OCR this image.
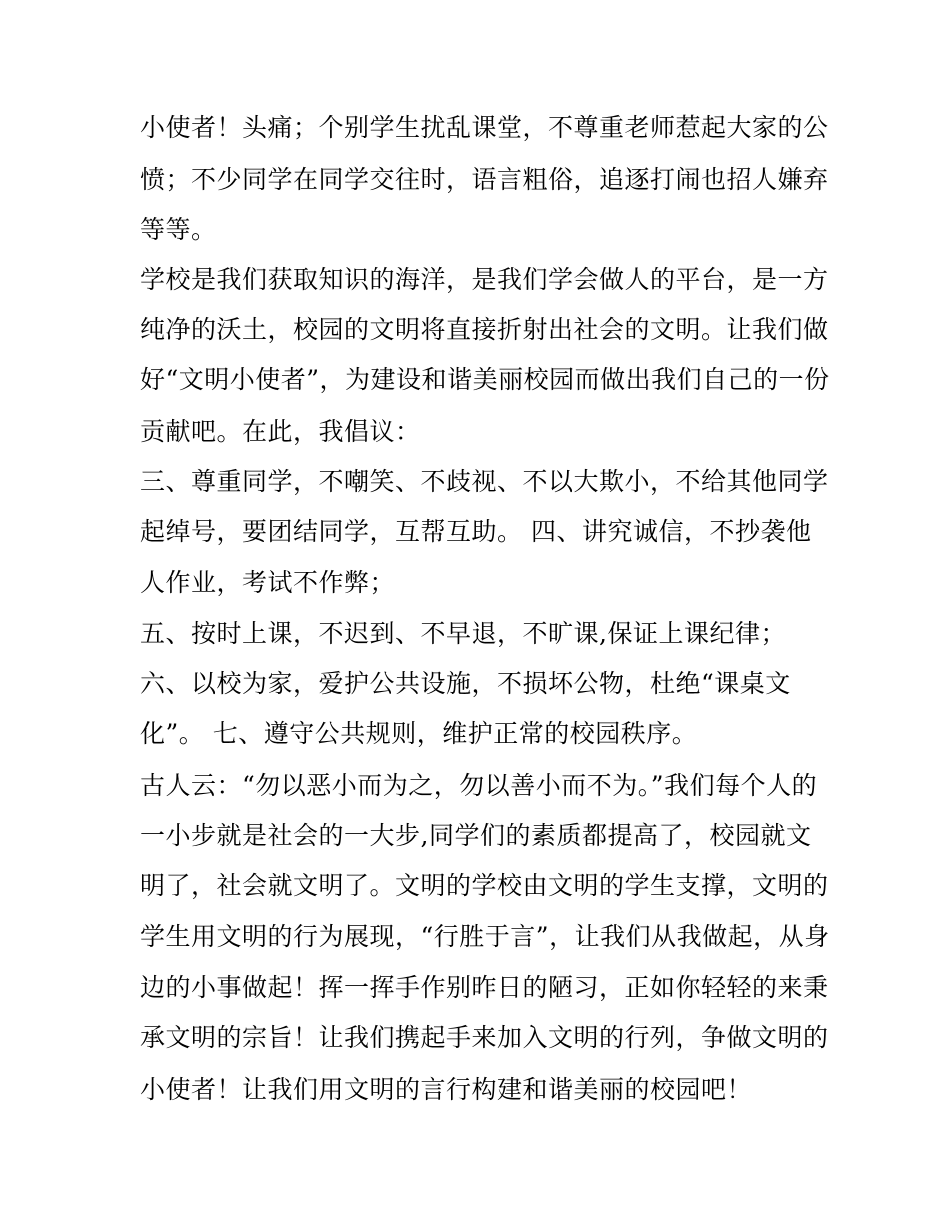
小使者！头痛；个别学生扰乱课堂，不尊重老师惹起大家的公
愤；不少同学在同学交往时，语言粗俗，追逐打闹也招人嫌弃
等等。
学校是我们获取知识的海洋，是我们学会做人的平台，是一方
纯净的沃土，校园的文明将直接折射出社会的文明。让我们做
好“文明小使者”，为建设和谐美丽校园而做出我们自己的一份
贡献吧。在此，我倡议：
三、尊重同学，不嘲笑、不歧视、不以大欺小，不给其他同学
起绰号，要团结同学，互帮互助。 四、讲究诚信，不抄袭他
人作业，考试不作弊；
五、按时上课，不迟到、不早退，不旷课,保证上课纪律；
六、以校为家，爱护公共设施，不损坏公物，杜绝“课桌文
化”。 七、遵守公共规则，维护正常的校园秩序。
古人云：“勿以恶小而为之，勿以善小而不为。”我们每个人的
一小步就是社会的一大步,同学们的素质都提高了，校园就文
明了，社会就文明了。文明的学校由文明的学生支撑，文明的
学生用文明的行为展现，“行胜于言”，让我们从我做起，从身
边的小事做起！挥一挥手作别昨日的陋习，正如你轻轻的来秉
承文明的宗旨！让我们携起手来加入文明的行列，争做文明的
小使者！让我们用文明的言行构建和谐美丽的校园吧！
